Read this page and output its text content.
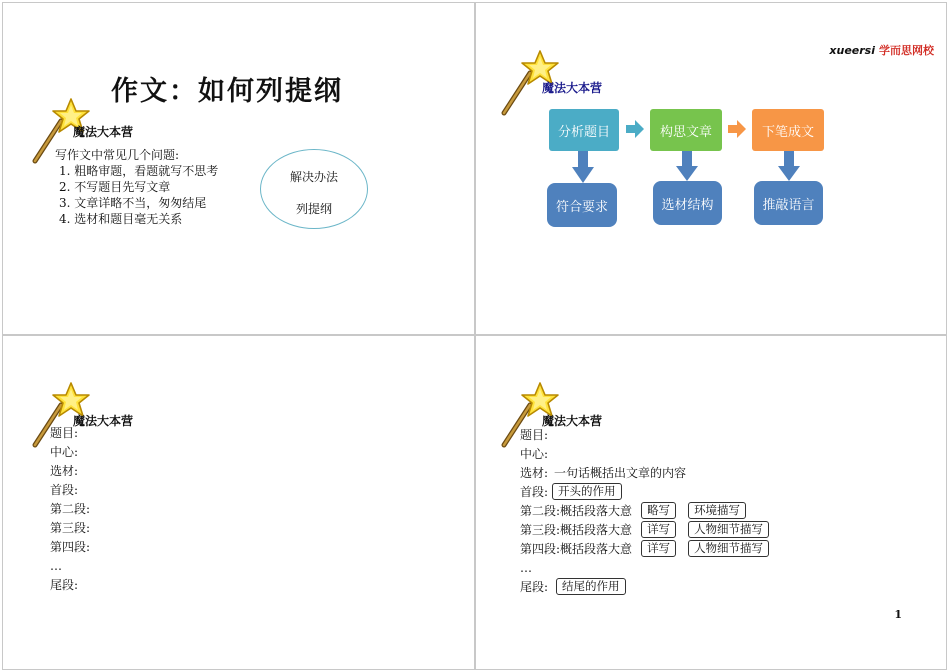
作文：如何列提纲
魔法大本营
写作文中常见几个问题:
1. 粗略审题，看题就写不思考
2. 不写题目先写文章
3. 文章详略不当，匆匆结尾
4. 选材和题目毫无关系
解决办法
列提纲
xueersi 学而思网校
魔法大本营
分析题目	构思文章	下笔成文
符合要求	选材结构	推敲语言
魔法大本营
题目:
中心:
选材:
首段:
第二段:
第三段:
第四段:
…
尾段:
魔法大本营
题目:
中心:
选材: 一句话概括出文章的内容
首段: 开头的作用
第二段:概括段落大意 略写 环境描写
第三段:概括段落大意 详写 人物细节描写
第四段:概括段落大意 详写 人物细节描写
…
尾段: 结尾的作用
1
